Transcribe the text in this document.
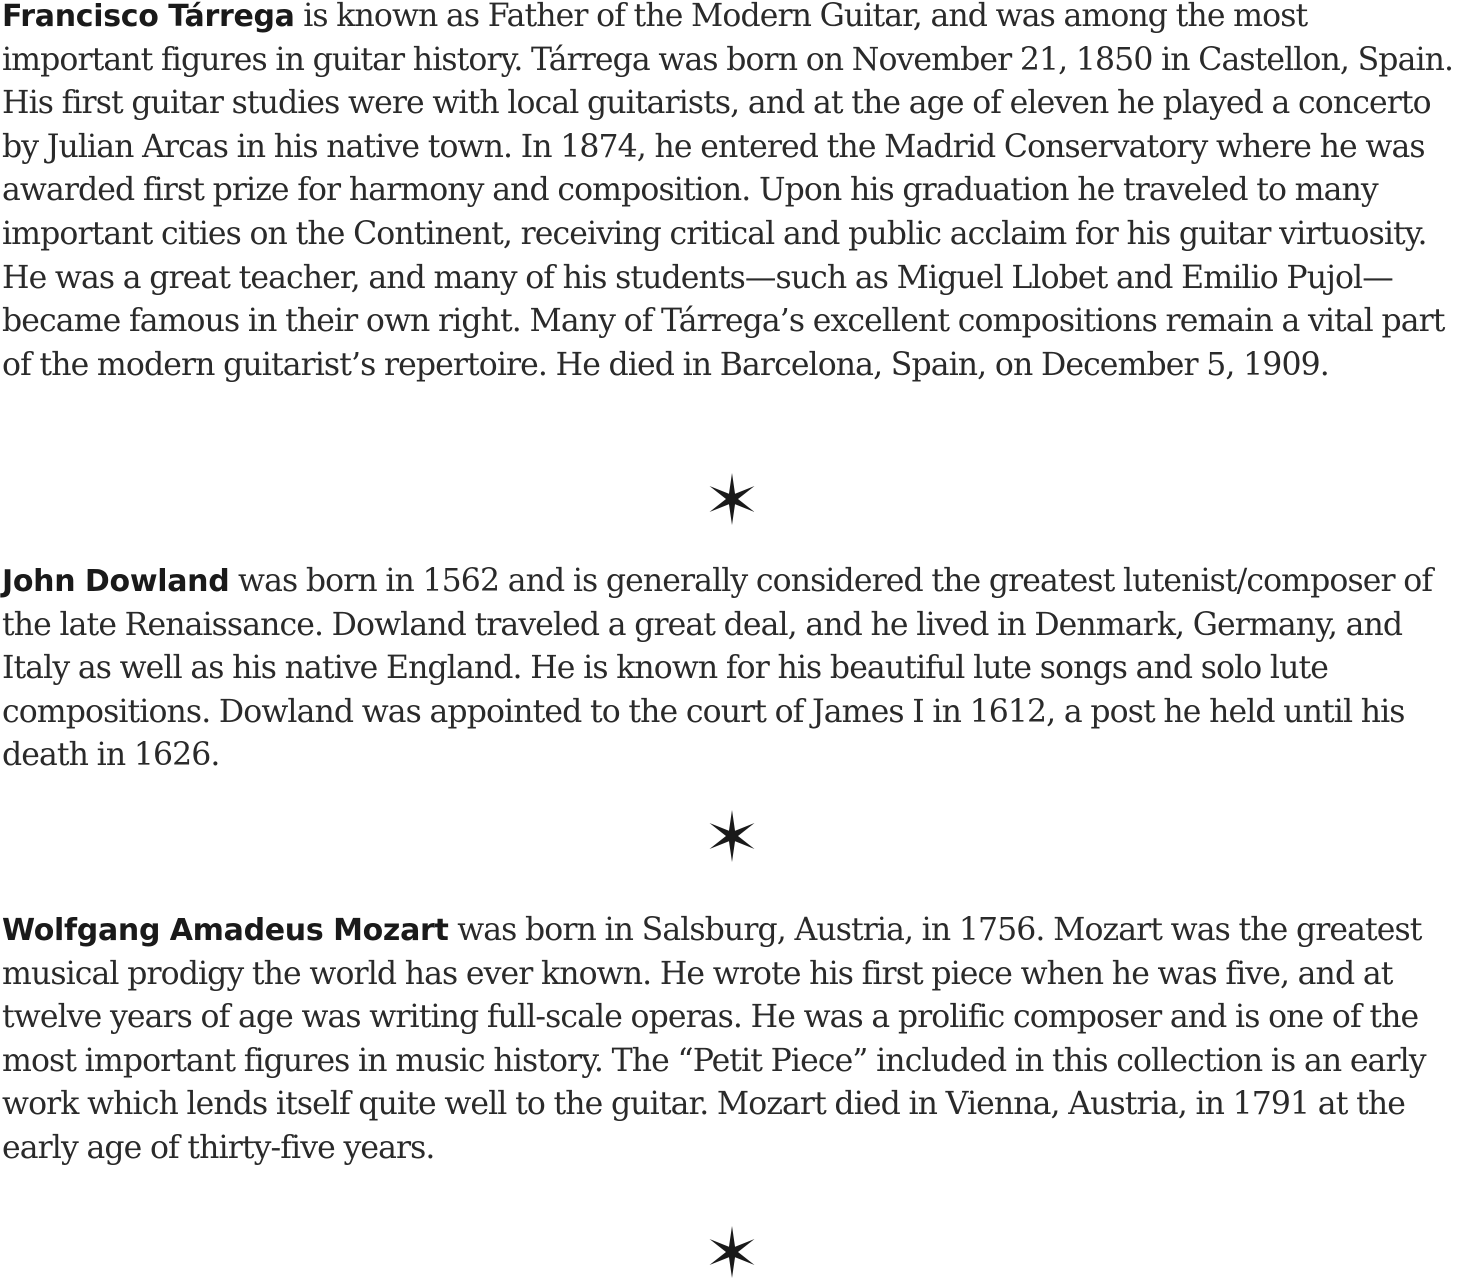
Francisco Tárrega is known as Father of the Modern Guitar, and was among the most important figures in guitar history. Tárrega was born on November 21, 1850 in Castellon, Spain. His first guitar studies were with local guitarists, and at the age of eleven he played a concerto by Julian Arcas in his native town. In 1874, he entered the Madrid Conservatory where he was awarded first prize for harmony and composition. Upon his graduation he traveled to many important cities on the Continent, receiving critical and public acclaim for his guitar virtuosity. He was a great teacher, and many of his students—such as Miguel Llobet and Emilio Pujol—became famous in their own right. Many of Tárrega’s excellent compositions remain a vital part of the modern guitarist’s repertoire. He died in Barcelona, Spain, on December 5, 1909.

John Dowland was born in 1562 and is generally considered the greatest lutenist/composer of the late Renaissance. Dowland traveled a great deal, and he lived in Denmark, Germany, and Italy as well as his native England. He is known for his beautiful lute songs and solo lute compositions. Dowland was appointed to the court of James I in 1612, a post he held until his death in 1626.

Wolfgang Amadeus Mozart was born in Salsburg, Austria, in 1756. Mozart was the greatest musical prodigy the world has ever known. He wrote his first piece when he was five, and at twelve years of age was writing full-scale operas. He was a prolific composer and is one of the most important figures in music history. The “Petit Piece” included in this collection is an early work which lends itself quite well to the guitar. Mozart died in Vienna, Austria, in 1791 at the early age of thirty-five years.
